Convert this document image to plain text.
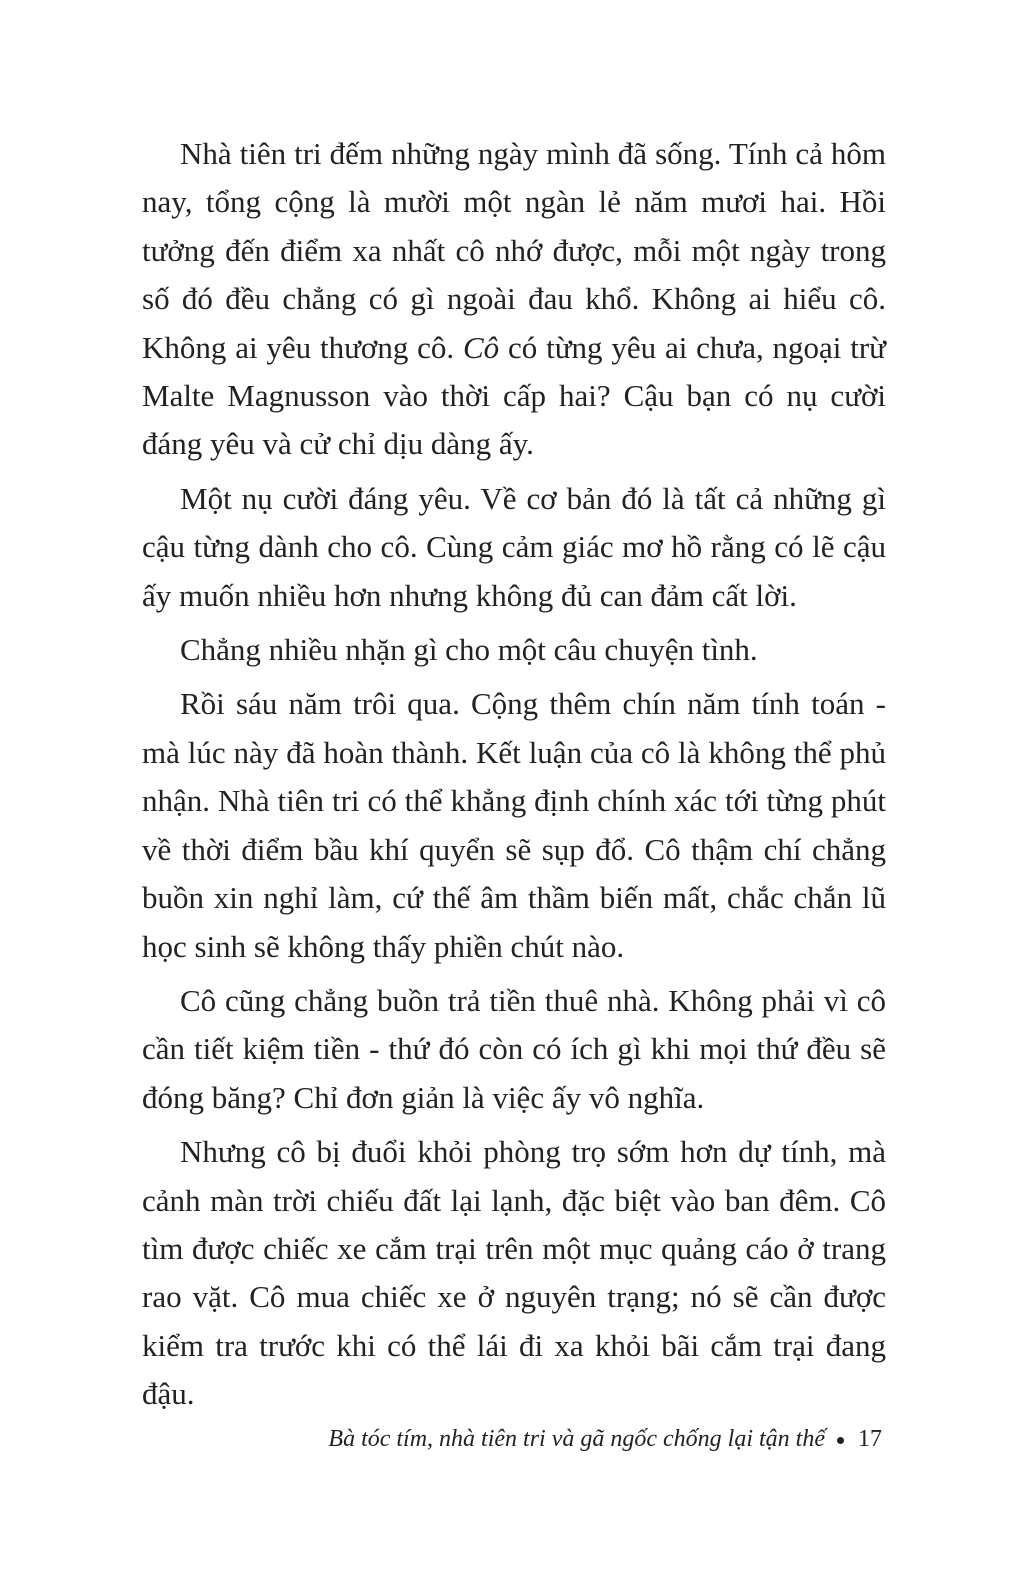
Nhà tiên tri đếm những ngày mình đã sống. Tính cả hôm nay, tổng cộng là mười một ngàn lẻ năm mươi hai. Hồi tưởng đến điểm xa nhất cô nhớ được, mỗi một ngày trong số đó đều chẳng có gì ngoài đau khổ. Không ai hiểu cô. Không ai yêu thương cô. Cô có từng yêu ai chưa, ngoại trừ Malte Magnusson vào thời cấp hai? Cậu bạn có nụ cười đáng yêu và cử chỉ dịu dàng ấy.

Một nụ cười đáng yêu. Về cơ bản đó là tất cả những gì cậu từng dành cho cô. Cùng cảm giác mơ hồ rằng có lẽ cậu ấy muốn nhiều hơn nhưng không đủ can đảm cất lời.

Chẳng nhiều nhặn gì cho một câu chuyện tình.

Rồi sáu năm trôi qua. Cộng thêm chín năm tính toán - mà lúc này đã hoàn thành. Kết luận của cô là không thể phủ nhận. Nhà tiên tri có thể khẳng định chính xác tới từng phút về thời điểm bầu khí quyển sẽ sụp đổ. Cô thậm chí chẳng buồn xin nghỉ làm, cứ thế âm thầm biến mất, chắc chắn lũ học sinh sẽ không thấy phiền chút nào.

Cô cũng chẳng buồn trả tiền thuê nhà. Không phải vì cô cần tiết kiệm tiền - thứ đó còn có ích gì khi mọi thứ đều sẽ đóng băng? Chỉ đơn giản là việc ấy vô nghĩa.

Nhưng cô bị đuổi khỏi phòng trọ sớm hơn dự tính, mà cảnh màn trời chiếu đất lại lạnh, đặc biệt vào ban đêm. Cô tìm được chiếc xe cắm trại trên một mục quảng cáo ở trang rao vặt. Cô mua chiếc xe ở nguyên trạng; nó sẽ cần được kiểm tra trước khi có thể lái đi xa khỏi bãi cắm trại đang đậu.

Bà tóc tím, nhà tiên tri và gã ngốc chống lại tận thế 17
